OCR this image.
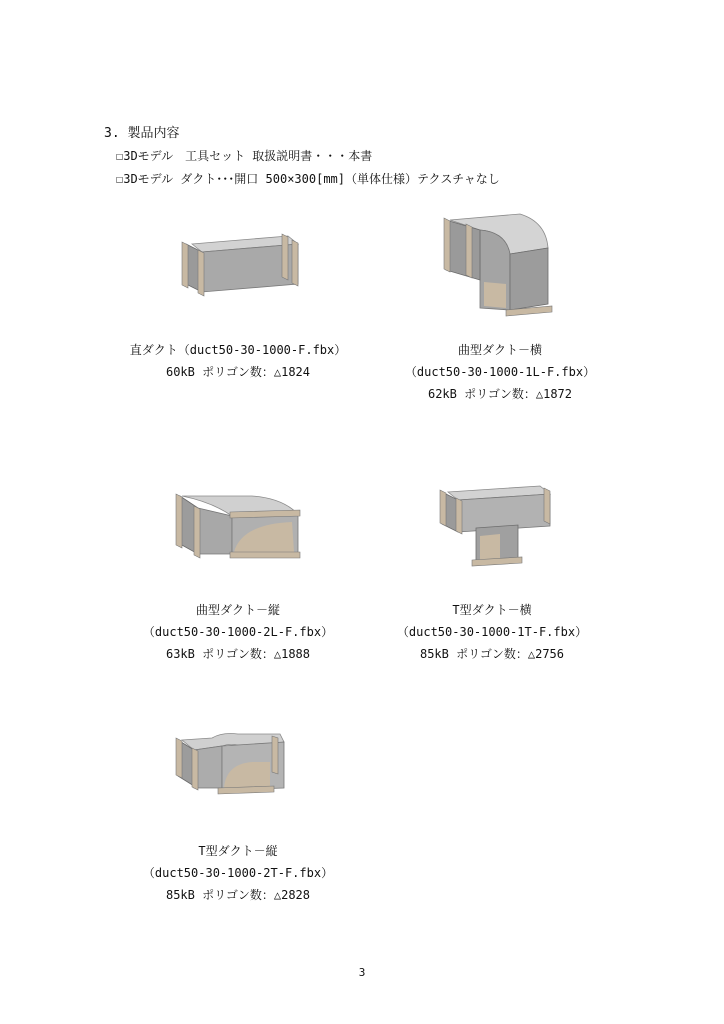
3. 製品内容
☐3Dモデル　工具セット 取扱説明書・・・本書
☐3Dモデル ダクト･･･開口 500×300[mm]（単体仕様）テクスチャなし
直ダクト（duct50-30-1000-F.fbx）
60kB ポリゴン数：△1824
曲型ダクト－横
（duct50-30-1000-1L-F.fbx）
62kB ポリゴン数：△1872
曲型ダクト－縦
（duct50-30-1000-2L-F.fbx）
63kB ポリゴン数：△1888
T型ダクト－横
（duct50-30-1000-1T-F.fbx）
85kB ポリゴン数：△2756
T型ダクト－縦
（duct50-30-1000-2T-F.fbx）
85kB ポリゴン数：△2828
3
